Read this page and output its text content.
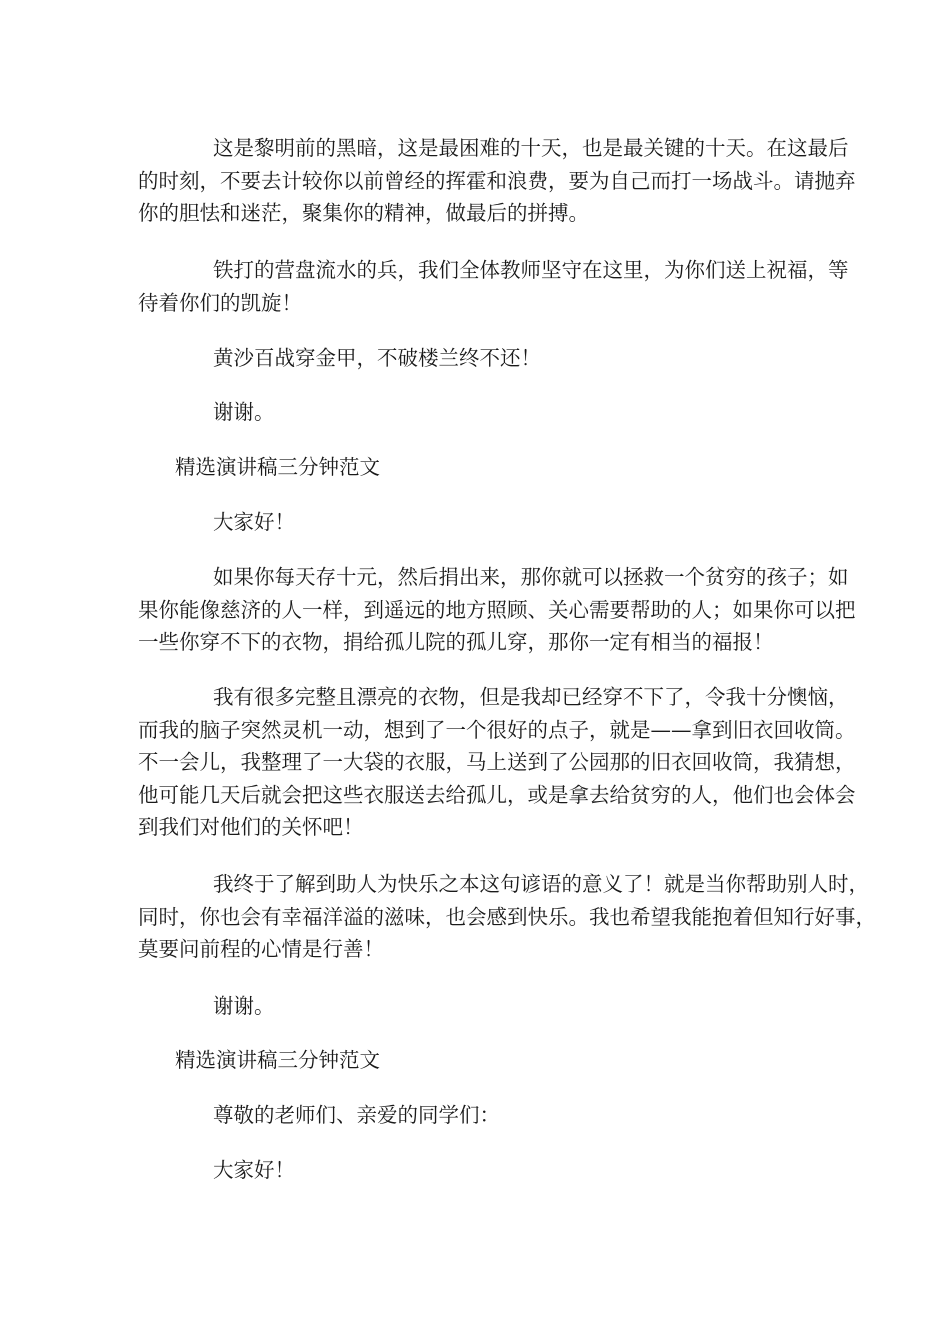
这是黎明前的黑暗，这是最困难的十天，也是最关键的十天。在这最后
的时刻，不要去计较你以前曾经的挥霍和浪费，要为自己而打一场战斗。请抛弃
你的胆怯和迷茫，聚集你的精神，做最后的拼搏。
铁打的营盘流水的兵，我们全体教师坚守在这里，为你们送上祝福，等
待着你们的凯旋！
黄沙百战穿金甲，不破楼兰终不还！
谢谢。
精选演讲稿三分钟范文
大家好！
如果你每天存十元，然后捐出来，那你就可以拯救一个贫穷的孩子；如
果你能像慈济的人一样，到遥远的地方照顾、关心需要帮助的人；如果你可以把
一些你穿不下的衣物，捐给孤儿院的孤儿穿，那你一定有相当的福报！
我有很多完整且漂亮的衣物，但是我却已经穿不下了，令我十分懊恼，
而我的脑子突然灵机一动，想到了一个很好的点子，就是——拿到旧衣回收筒。
不一会儿，我整理了一大袋的衣服，马上送到了公园那的旧衣回收筒，我猜想，
他可能几天后就会把这些衣服送去给孤儿，或是拿去给贫穷的人，他们也会体会
到我们对他们的关怀吧！
我终于了解到助人为快乐之本这句谚语的意义了！就是当你帮助别人时，
同时，你也会有幸福洋溢的滋味，也会感到快乐。我也希望我能抱着但知行好事，
莫要问前程的心情是行善！
谢谢。
精选演讲稿三分钟范文
尊敬的老师们、亲爱的同学们：
大家好！
